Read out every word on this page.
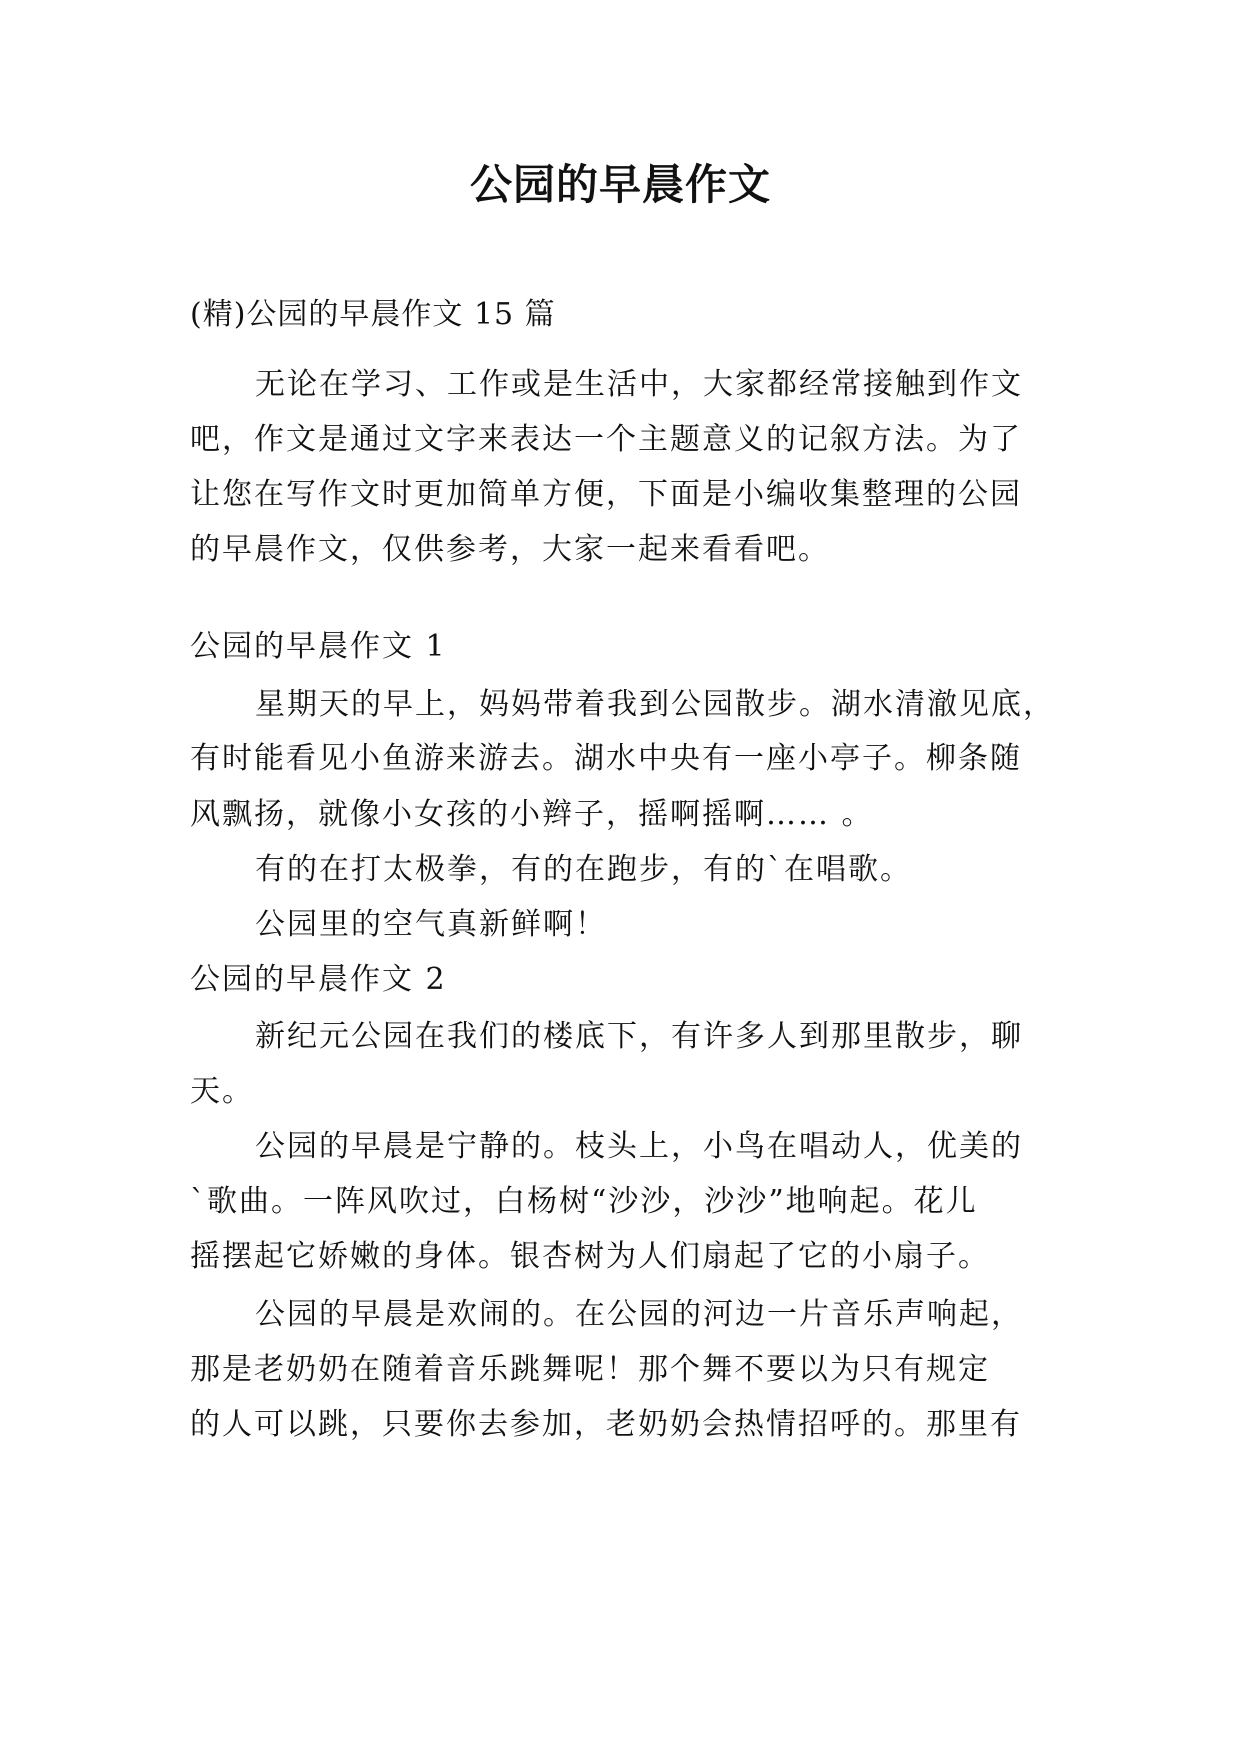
公园的早晨作文
(精)公园的早晨作文 15 篇
无论在学习、工作或是生活中，大家都经常接触到作文
吧，作文是通过文字来表达一个主题意义的记叙方法。为了
让您在写作文时更加简单方便，下面是小编收集整理的公园
的早晨作文，仅供参考，大家一起来看看吧。
公园的早晨作文 1
星期天的早上，妈妈带着我到公园散步。湖水清澈见底，
有时能看见小鱼游来游去。湖水中央有一座小亭子。柳条随
风飘扬，就像小女孩的小辫子，摇啊摇啊…… 。
有的在打太极拳，有的在跑步，有的`在唱歌。
公园里的空气真新鲜啊！
公园的早晨作文 2
新纪元公园在我们的楼底下，有许多人到那里散步，聊
天。
公园的早晨是宁静的。枝头上，小鸟在唱动人，优美的
`歌曲。一阵风吹过，白杨树“沙沙，沙沙”地响起。花儿
摇摆起它娇嫩的身体。银杏树为人们扇起了它的小扇子。
公园的早晨是欢闹的。在公园的河边一片音乐声响起，
那是老奶奶在随着音乐跳舞呢！那个舞不要以为只有规定
的人可以跳，只要你去参加，老奶奶会热情招呼的。那里有
